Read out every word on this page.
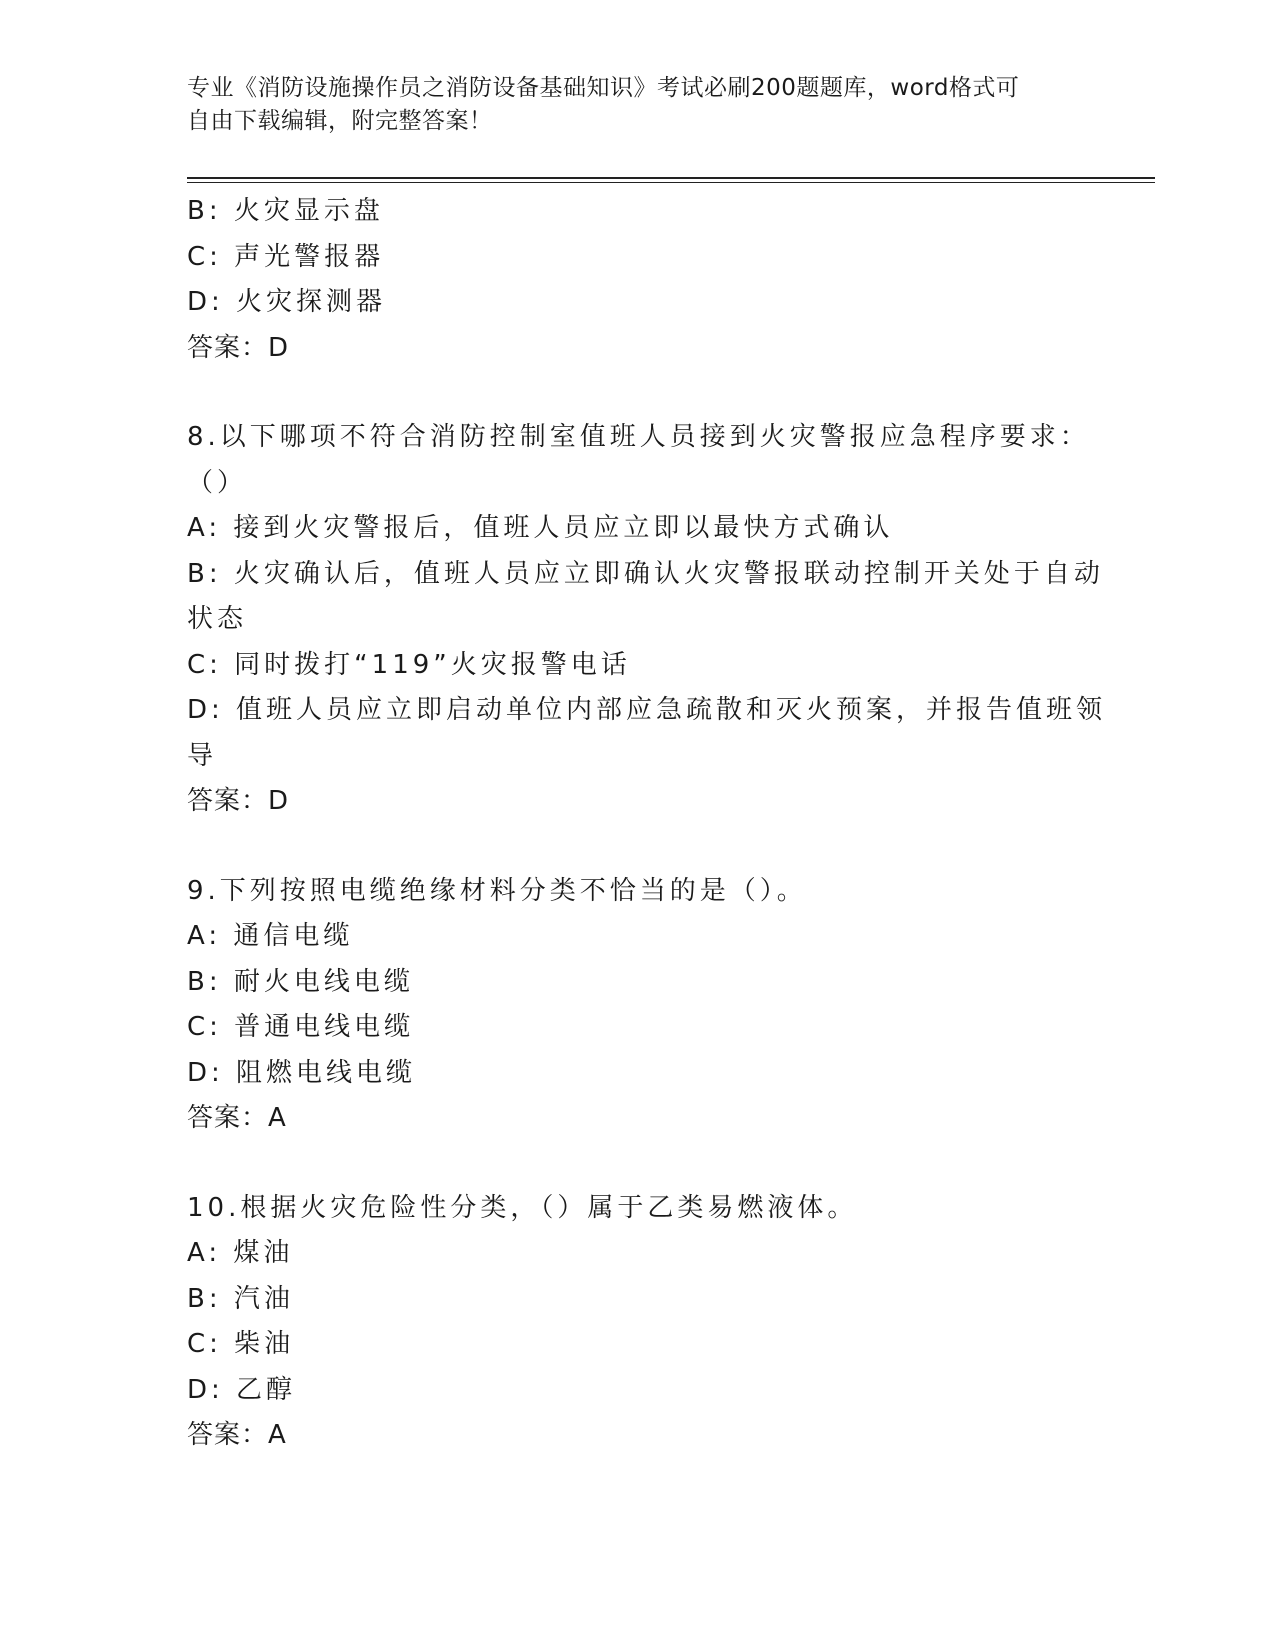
专业《消防设施操作员之消防设备基础知识》考试必刷200题题库，word格式可
自由下载编辑，附完整答案！
B: 火灾显示盘
C: 声光警报器
D: 火灾探测器
答案：D
8.以下哪项不符合消防控制室值班人员接到火灾警报应急程序要求：
（）
A: 接到火灾警报后，值班人员应立即以最快方式确认
B: 火灾确认后，值班人员应立即确认火灾警报联动控制开关处于自动
状态
C: 同时拨打“119”火灾报警电话
D: 值班人员应立即启动单位内部应急疏散和灭火预案，并报告值班领
导
答案：D
9.下列按照电缆绝缘材料分类不恰当的是（）。
A: 通信电缆
B: 耐火电线电缆
C: 普通电线电缆
D: 阻燃电线电缆
答案：A
10.根据火灾危险性分类，（）属于乙类易燃液体。
A: 煤油
B: 汽油
C: 柴油
D: 乙醇
答案：A
